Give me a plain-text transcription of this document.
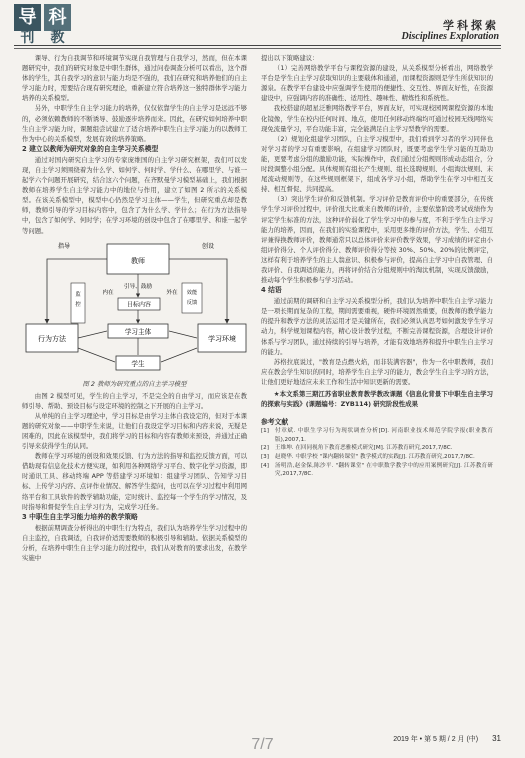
导 科
刊	教
学科探索
Disciplines Exploration

课导、行为自我调节和环境调节实现自我管理与自我学习，然而，但在本课题研究中，我们的研究对象是中职生群体，通过问卷调查分析可以看出，这个群体的学生，其自我学习的意识与能力均是不强的，我们在研究和培养他们的自主学习能力时，需要结合现有研究理论，重新建立符合培养这一独特群体学习能力培养的关系模型。

另外，中职学生自主学习能力的培养，仅仅依靠学生的自主学习是远远不够的，必须依赖教师的不断诱导、鼓励逐步培养而来。因此，在研究如何培养中职生自主学习能力时，课题组尝试建立了适合培养中职生自主学习能力的以教师工作为中心的关系模型，发展有效的培养策略。

2 建立以教师为研究对象的自主学习关系模型

通过对国内研究自主学习的专家庞维国的自主学习研究框架，我们可以发现，自主学习须围绕着为什么学、如何学、何时学、学什么、在哪里学、与谁一起学六个问题开展研究，结合这六个问题，在齐默曼学习模型基础上，我们根据教师在培养学生自主学习能力中的地位与作用，建立了如图 2 所示的关系模型。在该关系模型中，模型中心仍然是学习主体——学生，但研究重点却是教师，教师引导的学习目标内容中，包含了为什么学、学什么；在行为方法指导中，包含了如何学、何时学；在学习环境的创设中包含了在哪里学、和谁一起学等问题。

教师
指导	创设
目标内容
监
控
内在	外在
引导、鼓励
效能
反馈
行为方法
学习主体
学习环境
学生
图 2 教师为研究重点的自主学习模型

由图 2 模型可见，学生的自主学习，不是完全的自由学习，而应该是在教师引导、帮助、预设目标与设定环境的控制之下开展的自主学习。

从单纯的自主学习理论中，学习目标是由学习主体自我设定的，但对于本课题的研究对象——中职学生来说，让他们自我设定学习目标和内容来说，无疑是困难的，因此在该模型中，我们将学习的目标和内容有教师来预设，并通过正确引导来获得学生的认同。

教师在学习环境的创设和效果反馈、行为方法的指导和监控反馈方面，可以借助现有信息化技术方便实现，如利用各种网络学习平台、数字化学习资源，即时通讯工具、移动终端 APP 等搭建学习环境如：组建学习团队、告知学习目标、上传学习内容、点评作业情况、解答学生提问，也可以在学习过程中利用网络平台和工具软件的教学辅助功能，定时统计、监控每一个学生的学习情况，及时指导和督促学生自主学习行为，完成学习任务。

3 中职生自主学习能力培养的教学策略

根据前期调查分析得出的中职生行为特点，我们认为培养学生学习过程中的自主监控，自我调适，自我评价适需要教师的积极引导和辅助。依据关系模型的分析，在培养中职生自主学习能力的过程中，我们从对教育的要求出发，在教学实施中

提出以下策略建议：

（1）完善网络教学平台与课程资源的建设，从关系模型分析看出，网络教学平台是学生自主学习获取知识的主要载体和通道，而课程资源则是学生所获知识的源泉。在教学平台建设中应强调学生使用的便捷性、交互性、界面友好性，在资源建设中，应强调内容的准确性、适用性、趣味性、精炼性和系统性。

我校搭建的超星泛雅网络教学平台，界面友好，可实现校园网课程资源的本地化镜像，学生在校内任何时间、地点，使用任何移动终端均可通过校园无线网络实现免流量学习，平台功能丰富，完全能满足自主学习型教学的需要。

（2）规划化组建学习团队，自主学习模型中，我们看到学习者的学习同伴也对学习者的学习有重要影响，在组建学习团队时，既要考虑学生学习能的互助功能，更要考虑分组的激励功能，实际操作中，我们通过分组规则形成动态组合，分时段调整小组分配。具体规则有组长产生规则、组长选聘规则、小组淘汰规则、末尾流动规则等，在这些规则框架下，组成各学习小组，帮助学生在学习中相互支持、相互督促、共同提高。

（3）突出学生评价和反馈机制。学习评价是教育评价中的重要部分，在传统学生学习评价过程中，评价很大比重来自教师的评价，主要依靠阶段考试成绩作为评定学生标准的方法，这种评价弱化了学生学习中的参与度，不利于学生自主学习能力的培养，因而，在我们的实验课程中，采用更多维的评价方法，学生、小组互评兼得换教师评价，教师通常只以总体评价来评价教学效果，学习成绩的评定由小组评价得分、个人评价得分、教师评价得分等按 30%、50%、20%的比例评定，这样有利于培养学生的主人翁意识、积极参与评价，提高自主学习中自我管理、自我评价、自我调适的能力，再将评价结合分组规则中的淘汰机制，实现反馈激励，推动每个学生积极参与学习活动。

4 结语

通过前期的调研和自主学习关系模型分析，我们认为培养中职生自主学习能力是一项长期而复杂的工程，期间需要重视，硬件环境固然重要，但教师的教学能力的提升和教学方法的灵活运用才是关键所在，我们必须认真思考如何激发学生学习动力，科学规划课程内容，精心设计教学过程，不断完善课程资源，合理设计评价体系与学习团队，通过持续的引导与培养，才能有效地培养和提升中职生自主学习的能力。

苏格拉底说过，"教育是点燃火焰，而非装满容器"，作为一名中职教师，我们应在教会学生知识的同时，培养学生自主学习的能力，教会学生自主学习的方法，让他们更好地适应未来工作和生活中知识更新的需要。

★本文系第三期江苏省职业教育教学教改课题《信息化背景下中职生自主学习的探索与实践》(课题编号：ZYB114) 研究阶段性成果

参考文献

[1] 付章斌. 中职生学习行为现状调查分析[D]. 河南职业技术师范学院学报(职业教育版),2007,1.

[2] 王维坤. 在回同视角下教育恶雅模式研究[M]. 江苏教育研究,2017,7/8C.

[3] 赵晓华. 中职学校 "课内翻转课堂" 教学模式的实践[J]. 江苏教育研究,2017,7/8C.

[4] 汤明浩,赵金保,陈沙平. "翻转课堂" 在中职数学教学中的应用案例研究[J]. 江苏教育研究,2017,7/8C.

2019 年 • 第 5 期 / 2 月 (中) 31
7/7
